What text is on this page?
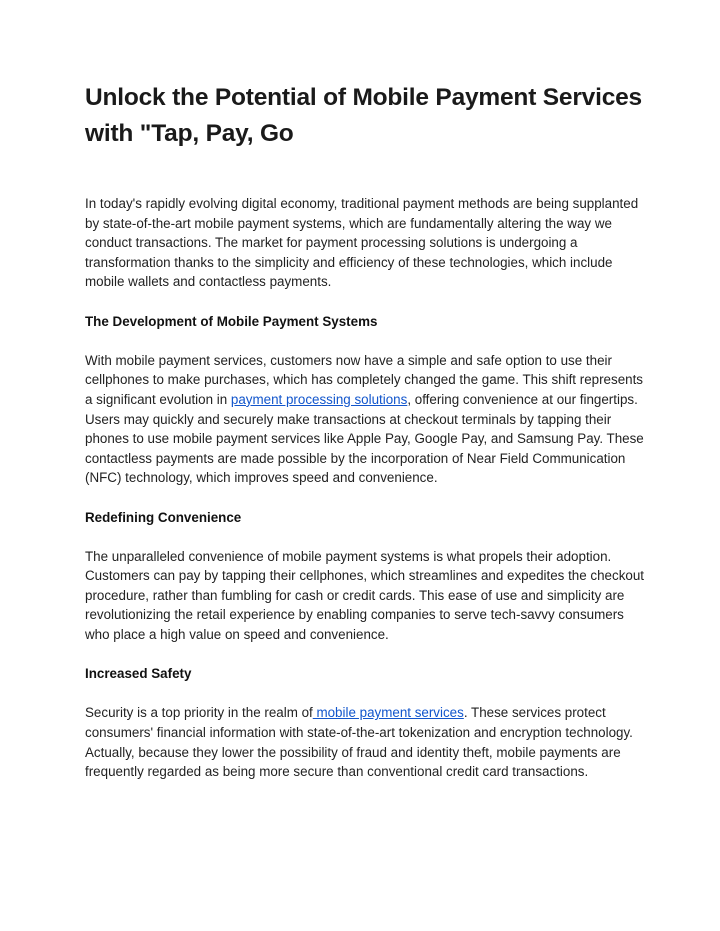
Unlock the Potential of Mobile Payment Services with "Tap, Pay, Go

In today's rapidly evolving digital economy, traditional payment methods are being supplanted by state-of-the-art mobile payment systems, which are fundamentally altering the way we conduct transactions. The market for payment processing solutions is undergoing a transformation thanks to the simplicity and efficiency of these technologies, which include mobile wallets and contactless payments.

The Development of Mobile Payment Systems

With mobile payment services, customers now have a simple and safe option to use their cellphones to make purchases, which has completely changed the game. This shift represents a significant evolution in payment processing solutions, offering convenience at our fingertips.

Users may quickly and securely make transactions at checkout terminals by tapping their phones to use mobile payment services like Apple Pay, Google Pay, and Samsung Pay. These contactless payments are made possible by the incorporation of Near Field Communication (NFC) technology, which improves speed and convenience.

Redefining Convenience

The unparalleled convenience of mobile payment systems is what propels their adoption. Customers can pay by tapping their cellphones, which streamlines and expedites the checkout procedure, rather than fumbling for cash or credit cards. This ease of use and simplicity are revolutionizing the retail experience by enabling companies to serve tech-savvy consumers who place a high value on speed and convenience.

Increased Safety

Security is a top priority in the realm of mobile payment services. These services protect consumers' financial information with state-of-the-art tokenization and encryption technology. Actually, because they lower the possibility of fraud and identity theft, mobile payments are frequently regarded as being more secure than conventional credit card transactions.
